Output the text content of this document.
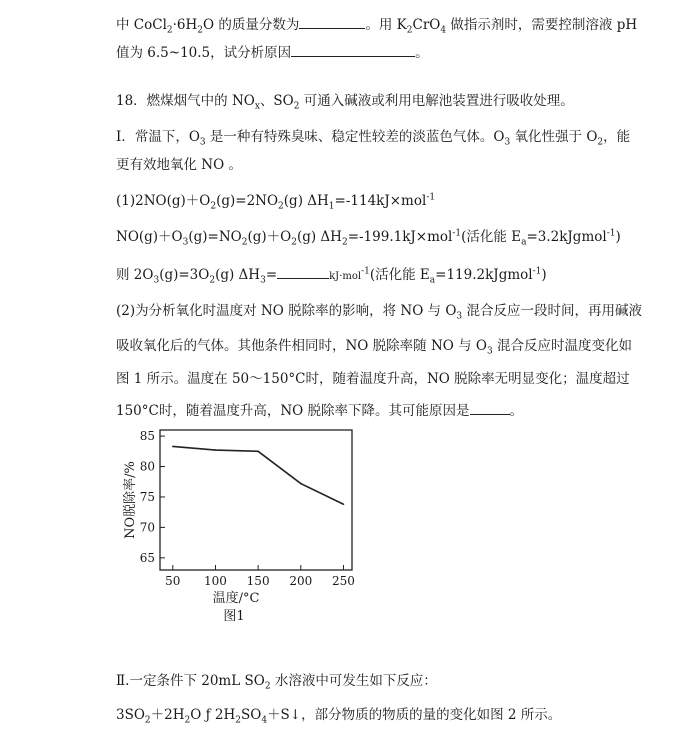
中 $CoCl_2\cdot 6H_2O$ 的质量分数为	。用 $K_2CrO_4$ 做指示剂时，需要控制溶液 pH
值为 6.5~10.5，试分析原因	。
18．燃煤烟气中的 $NO_x$、$SO_2$ 可通入碱液或利用电解池装置进行吸收处理。
Ⅰ．常温下，$O_3$ 是一种有特殊臭味、稳定性较差的淡蓝色气体。$O_3$ 氧化性强于 $O_2$，能
更有效地氧化 NO 。
$(1)2NO(g)+O_2(g)=2NO_2(g)$ $\Delta H_1=-114kJ\times mol^{-1}$
$NO(g)+O_3(g)=NO_2(g)+O_2(g)$ $\Delta H_2=-199.1kJ\times mol^{-1}$(活化能 $E_a=3.2kJgmol^{-1}$)
则 $2O_3(g)=3O_2(g)$ $\Delta H_3=$	kJ·mol$^{-1}$(活化能 $E_a=119.2kJgmol^{-1}$)
(2)为分析氧化时温度对 NO 脱除率的影响，将 NO 与 $O_3$ 混合反应一段时间，再用碱液
吸收氧化后的气体。其他条件相同时，NO 脱除率随 NO 与 $O_3$ 混合反应时温度变化如
图 1 所示。温度在 50～150°C时，随着温度升高，NO 脱除率无明显变化；温度超过
150°C时，随着温度升高，NO 脱除率下降。其可能原因是	。
65
70
75
80
85
50 100 150 200 250
温度/°C
NO脱除率/%
图1
Ⅱ.一定条件下 20mL $SO_2$ 水溶液中可发生如下反应：
$3SO_2+2H_2O$ ƒ $2H_2SO_4+S↓$，部分物质的物质的量的变化如图 2 所示。
